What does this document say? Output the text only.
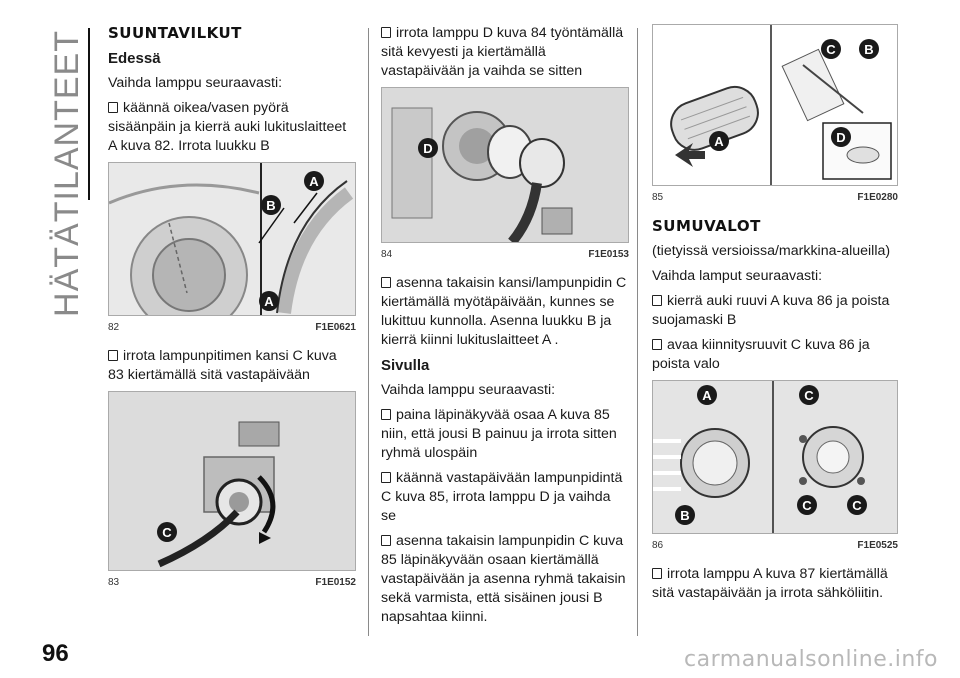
HÄTÄTILANTEET
96

SUUNTAVILKUT

Edessä

Vaihda lamppu seuraavasti:

käännä oikea/vasen pyörä sisäänpäin ja kierrä auki lukituslaitteet A kuva 82. Irrota luukku B

A
B
A
82	F1E0621

irrota lampunpitimen kansi C kuva 83 kiertämällä sitä vastapäivään

C
83	F1E0152

irrota lamppu D kuva 84 työntämällä sitä kevyesti ja kiertämällä vastapäivään ja vaihda se sitten

D
84	F1E0153

asenna takaisin kansi/lampunpidin C kiertämällä myötäpäivään, kunnes se lukittuu kunnolla. Asenna luukku B ja kierrä kiinni lukituslaitteet A .

Sivulla

Vaihda lamppu seuraavasti:

paina läpinäkyvää osaa A kuva 85 niin, että jousi B painuu ja irrota sitten ryhmä ulospäin

käännä vastapäivään lampunpidintä C kuva 85, irrota lamppu D ja vaihda se

asenna takaisin lampunpidin C kuva 85 läpinäkyvään osaan kiertämällä vastapäivään ja asenna ryhmä takaisin sekä varmista, että sisäinen jousi B napsahtaa kiinni.

C B
A	D
85	F1E0280

SUMUVALOT

(tietyissä versioissa/markkina-alueilla)

Vaihda lamput seuraavasti:

kierrä auki ruuvi A kuva 86 ja poista suojamaski B

avaa kiinnitysruuvit C kuva 86 ja poista valo

A	C
B
C	C
86	F1E0525

irrota lamppu A kuva 87 kiertämällä sitä vastapäivään ja irrota sähköliitin.

carmanualsonline.info
